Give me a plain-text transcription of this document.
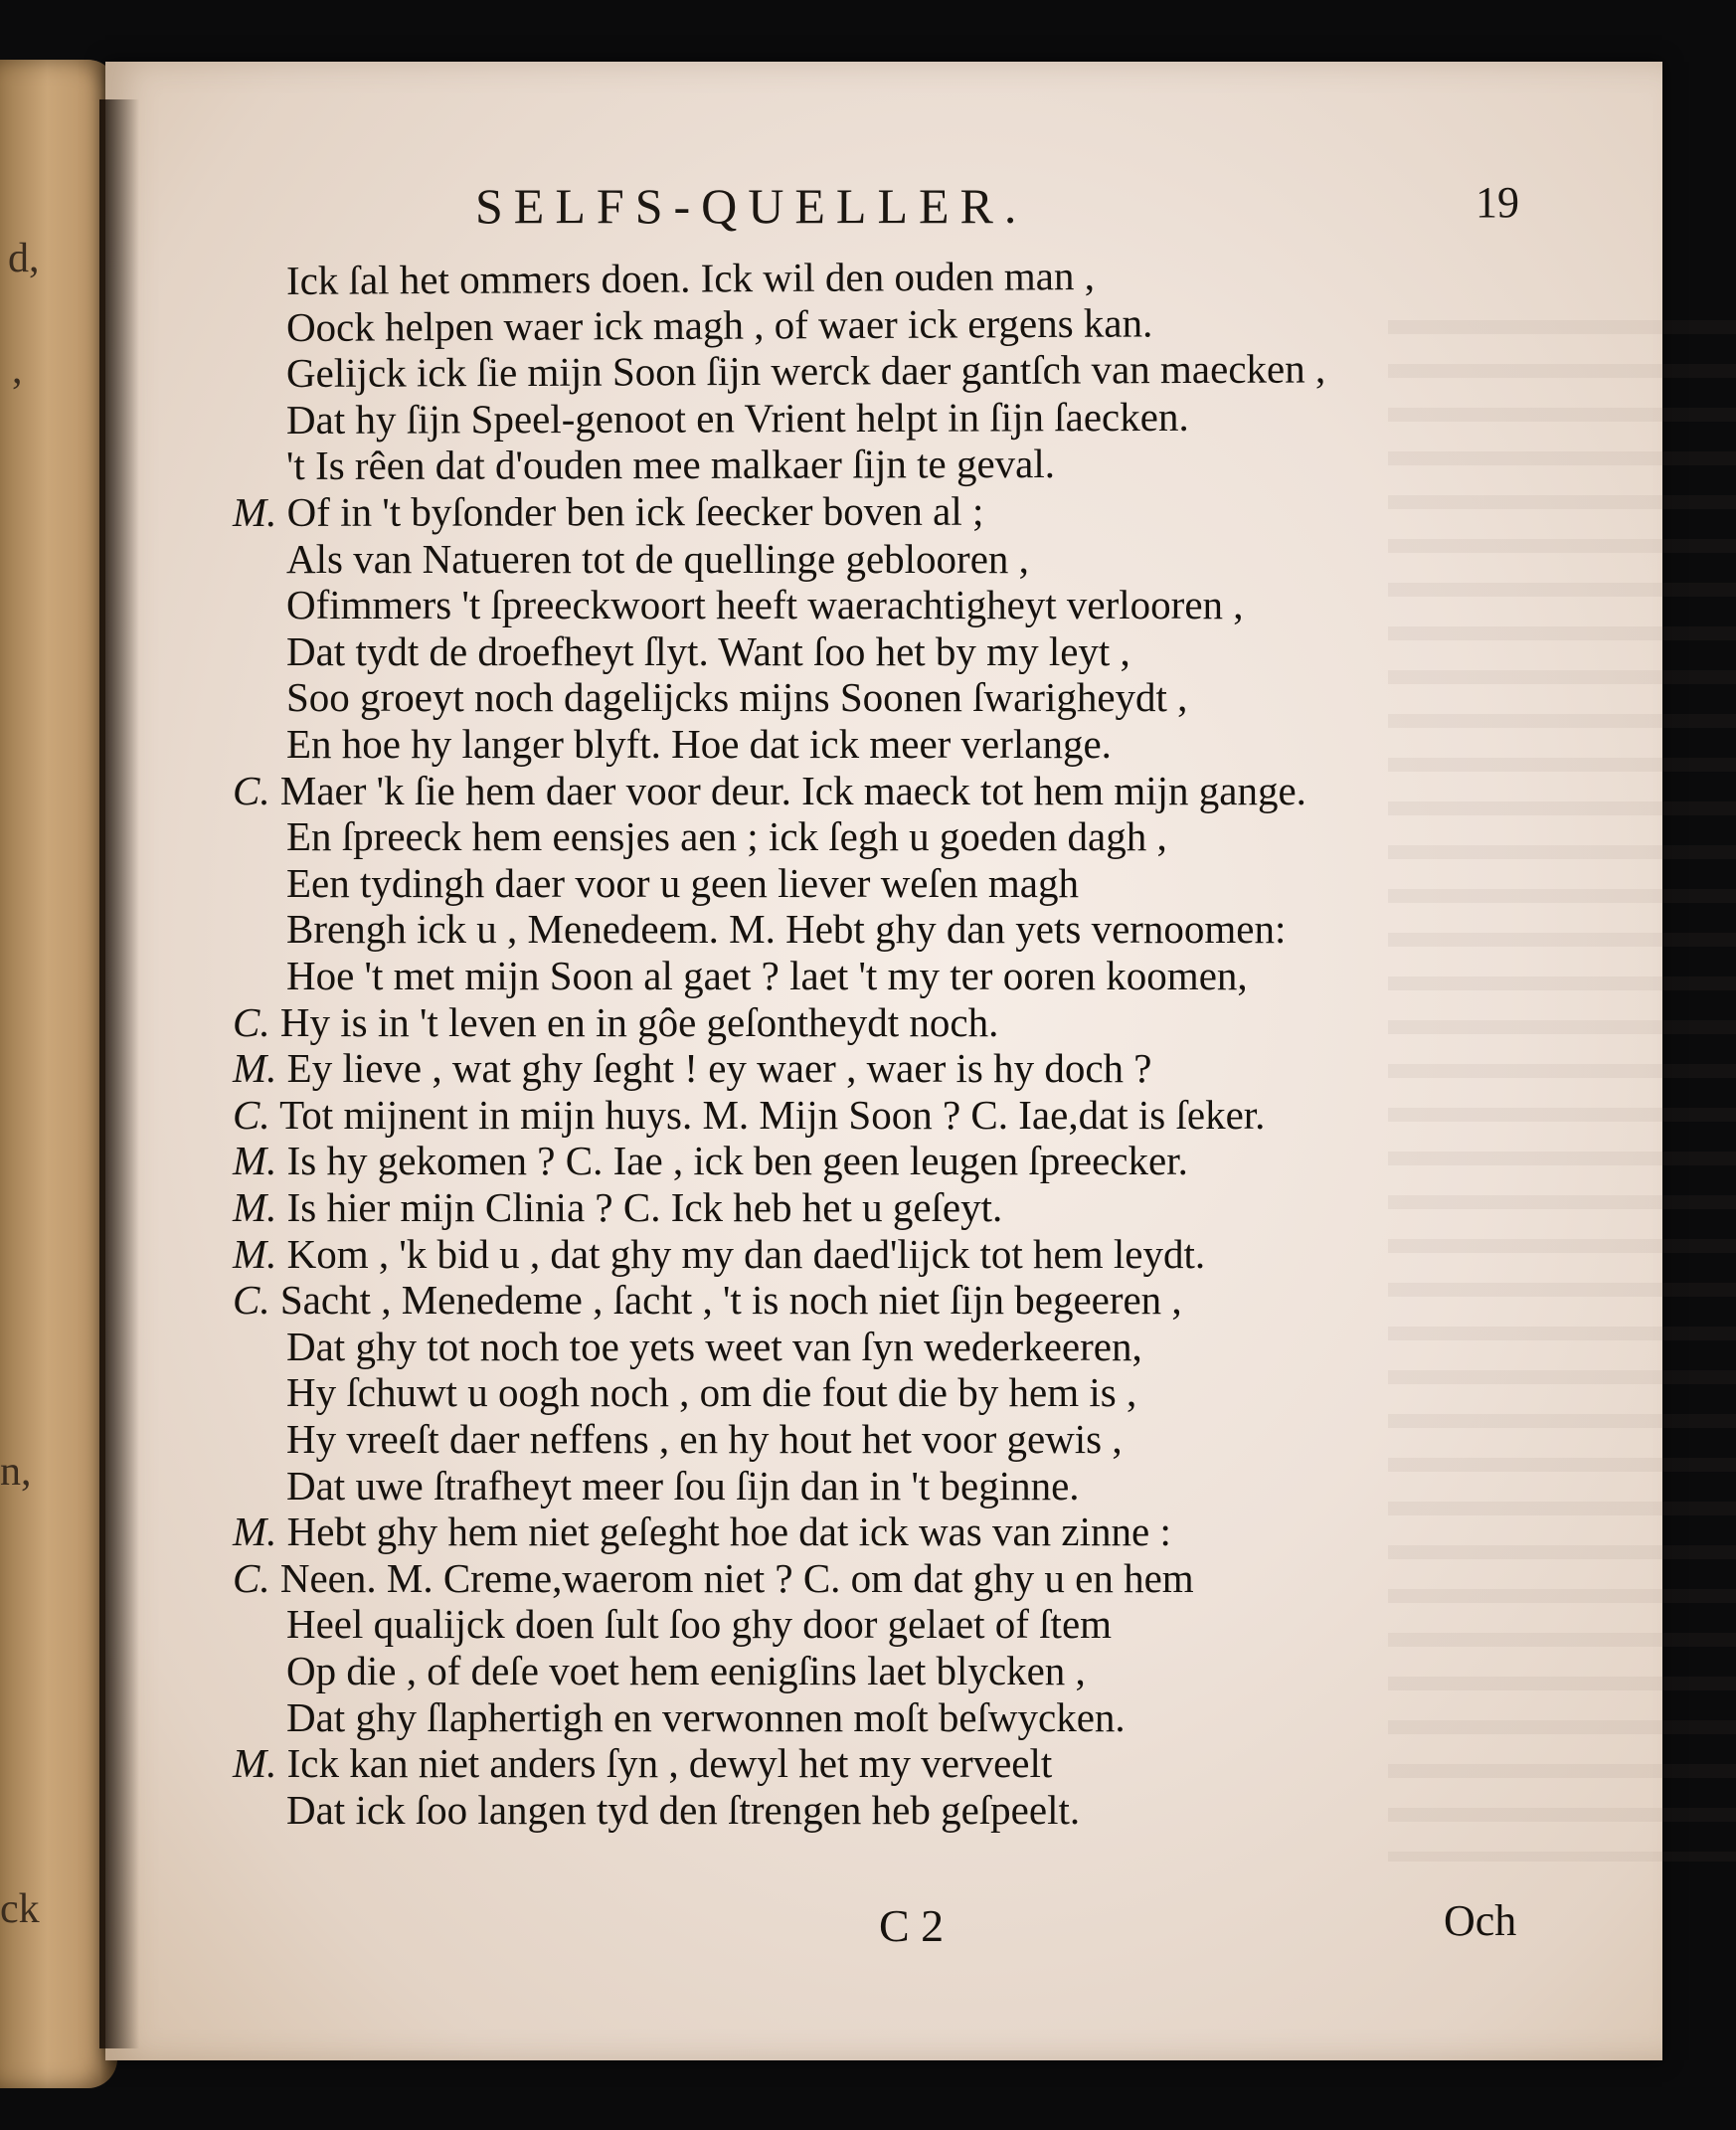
d,
,
n,
ck
SELFS-QUELLER.	19
Ick ſal het ommers doen. Ick wil den ouden man ,
Oock helpen waer ick magh , of waer ick ergens kan.
Gelijck ick ſie mijn Soon ſijn werck daer gantſch van maecken ,
Dat hy ſijn Speel-genoot en Vrient helpt in ſijn ſaecken.
't Is rêen dat d'ouden mee malkaer ſijn te geval.
M. Of in 't byſonder ben ick ſeecker boven al ;
Als van Natueren tot de quellinge geblooren ,
Ofimmers 't ſpreeckwoort heeft waerachtigheyt verlooren ,
Dat tydt de droefheyt ſlyt. Want ſoo het by my leyt ,
Soo groeyt noch dagelijcks mijns Soonen ſwarigheydt ,
En hoe hy langer blyft. Hoe dat ick meer verlange.
C. Maer 'k ſie hem daer voor deur. Ick maeck tot hem mijn gange.
En ſpreeck hem eensjes aen ; ick ſegh u goeden dagh ,
Een tydingh daer voor u geen liever weſen magh
Brengh ick u , Menedeem. M. Hebt ghy dan yets vernoomen:
Hoe 't met mijn Soon al gaet ? laet 't my ter ooren koomen,
C. Hy is in 't leven en in gôe geſontheydt noch.
M. Ey lieve , wat ghy ſeght ! ey waer , waer is hy doch ?
C. Tot mijnent in mijn huys. M. Mijn Soon ? C. Iae,dat is ſeker.
M. Is hy gekomen ? C. Iae , ick ben geen leugen ſpreecker.
M. Is hier mijn Clinia ? C. Ick heb het u geſeyt.
M. Kom , 'k bid u , dat ghy my dan daed'lijck tot hem leydt.
C. Sacht , Menedeme , ſacht , 't is noch niet ſijn begeeren ,
Dat ghy tot noch toe yets weet van ſyn wederkeeren,
Hy ſchuwt u oogh noch , om die fout die by hem is ,
Hy vreeſt daer neffens , en hy hout het voor gewis ,
Dat uwe ſtrafheyt meer ſou ſijn dan in 't beginne.
M. Hebt ghy hem niet geſeght hoe dat ick was van zinne :
C. Neen. M. Creme,waerom niet ? C. om dat ghy u en hem
Heel qualijck doen ſult ſoo ghy door gelaet of ſtem
Op die , of deſe voet hem eenigſins laet blycken ,
Dat ghy ſlaphertigh en verwonnen moſt beſwycken.
M. Ick kan niet anders ſyn , dewyl het my verveelt
Dat ick ſoo langen tyd den ſtrengen heb geſpeelt.
C 2	Och
